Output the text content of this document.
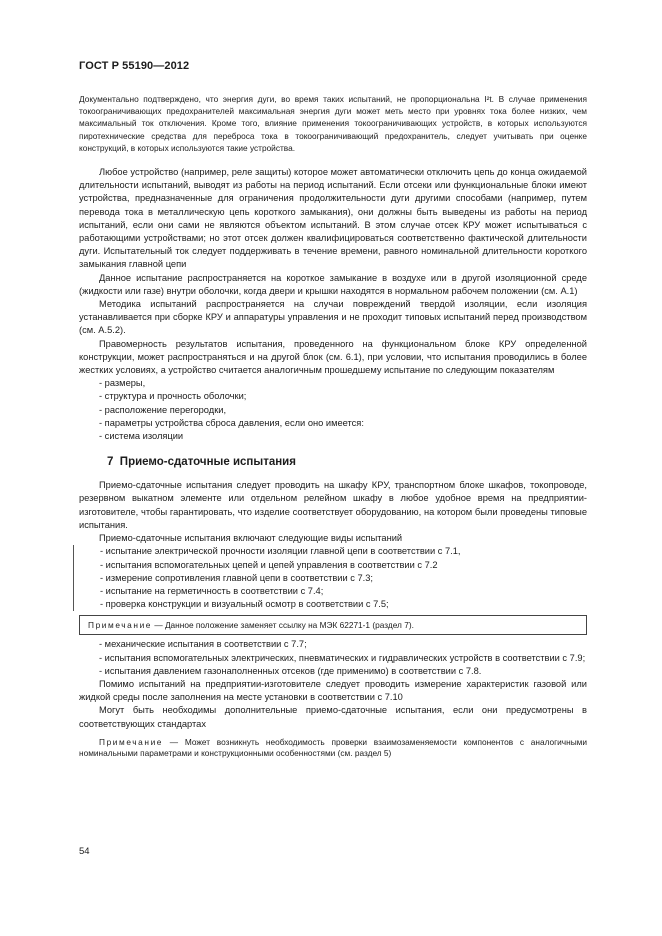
ГОСТ Р 55190—2012

Документально подтверждено, что энергия дуги, во время таких испытаний, не пропорциональна I²t. В случае применения токоограничивающих предохранителей максимальная энергия дуги может меть место при уровнях тока более низких, чем максимальный ток отключения. Кроме того, влияние применения токоограничивающих устройств, в которых используются пиротехнические средства для переброса тока в токоограничивающий предохранитель, следует учитывать при оценке конструкций, в которых используются такие устройства.

Любое устройство (например, реле защиты) которое может автоматически отключить цепь до конца ожидаемой длительности испытаний, выводят из работы на период испытаний. Если отсеки или функциональные блоки имеют устройства, предназначенные для ограничения продолжительности дуги другими способами (например, путем перевода тока в металлическую цепь короткого замыкания), они должны быть выведены из работы на период испытаний, если они сами не являются объектом испытаний. В этом случае отсек КРУ может испытываться с работающими устройствами; но этот отсек должен квалифицироваться соответственно фактической длительности дуги. Испытательный ток следует поддерживать в течение времени, равного номинальной длительности короткого замыкания главной цепи

Данное испытание распространяется на короткое замыкание в воздухе или в другой изоляционной среде (жидкости или газе) внутри оболочки, когда двери и крышки находятся в нормальном рабочем положении (см. А.1)

Методика испытаний распространяется на случаи повреждений твердой изоляции, если изоляция устанавливается при сборке КРУ и аппаратуры управления и не проходит типовых испытаний перед производством (см. А.5.2).

Правомерность результатов испытания, проведенного на функциональном блоке КРУ определенной конструкции, может распространяться и на другой блок (см. 6.1), при условии, что испытания проводились в более жестких условиях, а устройство считается аналогичным прошедшему испытание по следующим показателям

- размеры,

- структура и прочность оболочки;

- расположение перегородки,

- параметры устройства сброса давления, если оно имеется:

- система изоляции

7 Приемо-сдаточные испытания

Приемо-сдаточные испытания следует проводить на шкафу КРУ, транспортном блоке шкафов, токопроводе, резервном выкатном элементе или отдельном релейном шкафу в любое удобное время на предприятии-изготовителе, чтобы гарантировать, что изделие соответствует оборудованию, на котором были проведены типовые испытания.

Приемо-сдаточные испытания включают следующие виды испытаний

- испытание электрической прочности изоляции главной цепи в соответствии с 7.1,

- испытания вспомогательных цепей и цепей управления в соответствии с 7.2

- измерение сопротивления главной цепи в соответствии с 7.3;

- испытание на герметичность в соответствии с 7.4;

- проверка конструкции и визуальный осмотр в соответствии с 7.5;

Примечание — Данное положение заменяет ссылку на МЭК 62271-1 (раздел 7).

- механические испытания в соответствии с 7.7;

- испытания вспомогательных электрических, пневматических и гидравлических устройств в соответствии с 7.9;

- испытания давлением газонаполненных отсеков (где применимо) в соответствии с 7.8.

Помимо испытаний на предприятии-изготовителе следует проводить измерение характеристик газовой или жидкой среды после заполнения на месте установки в соответствии с 7.10

Могут быть необходимы дополнительные приемо-сдаточные испытания, если они предусмотрены в соответствующих стандартах

Примечание — Может возникнуть необходимость проверки взаимозаменяемости компонентов с аналогичными номинальными параметрами и конструкционными особенностями (см. раздел 5)

54
